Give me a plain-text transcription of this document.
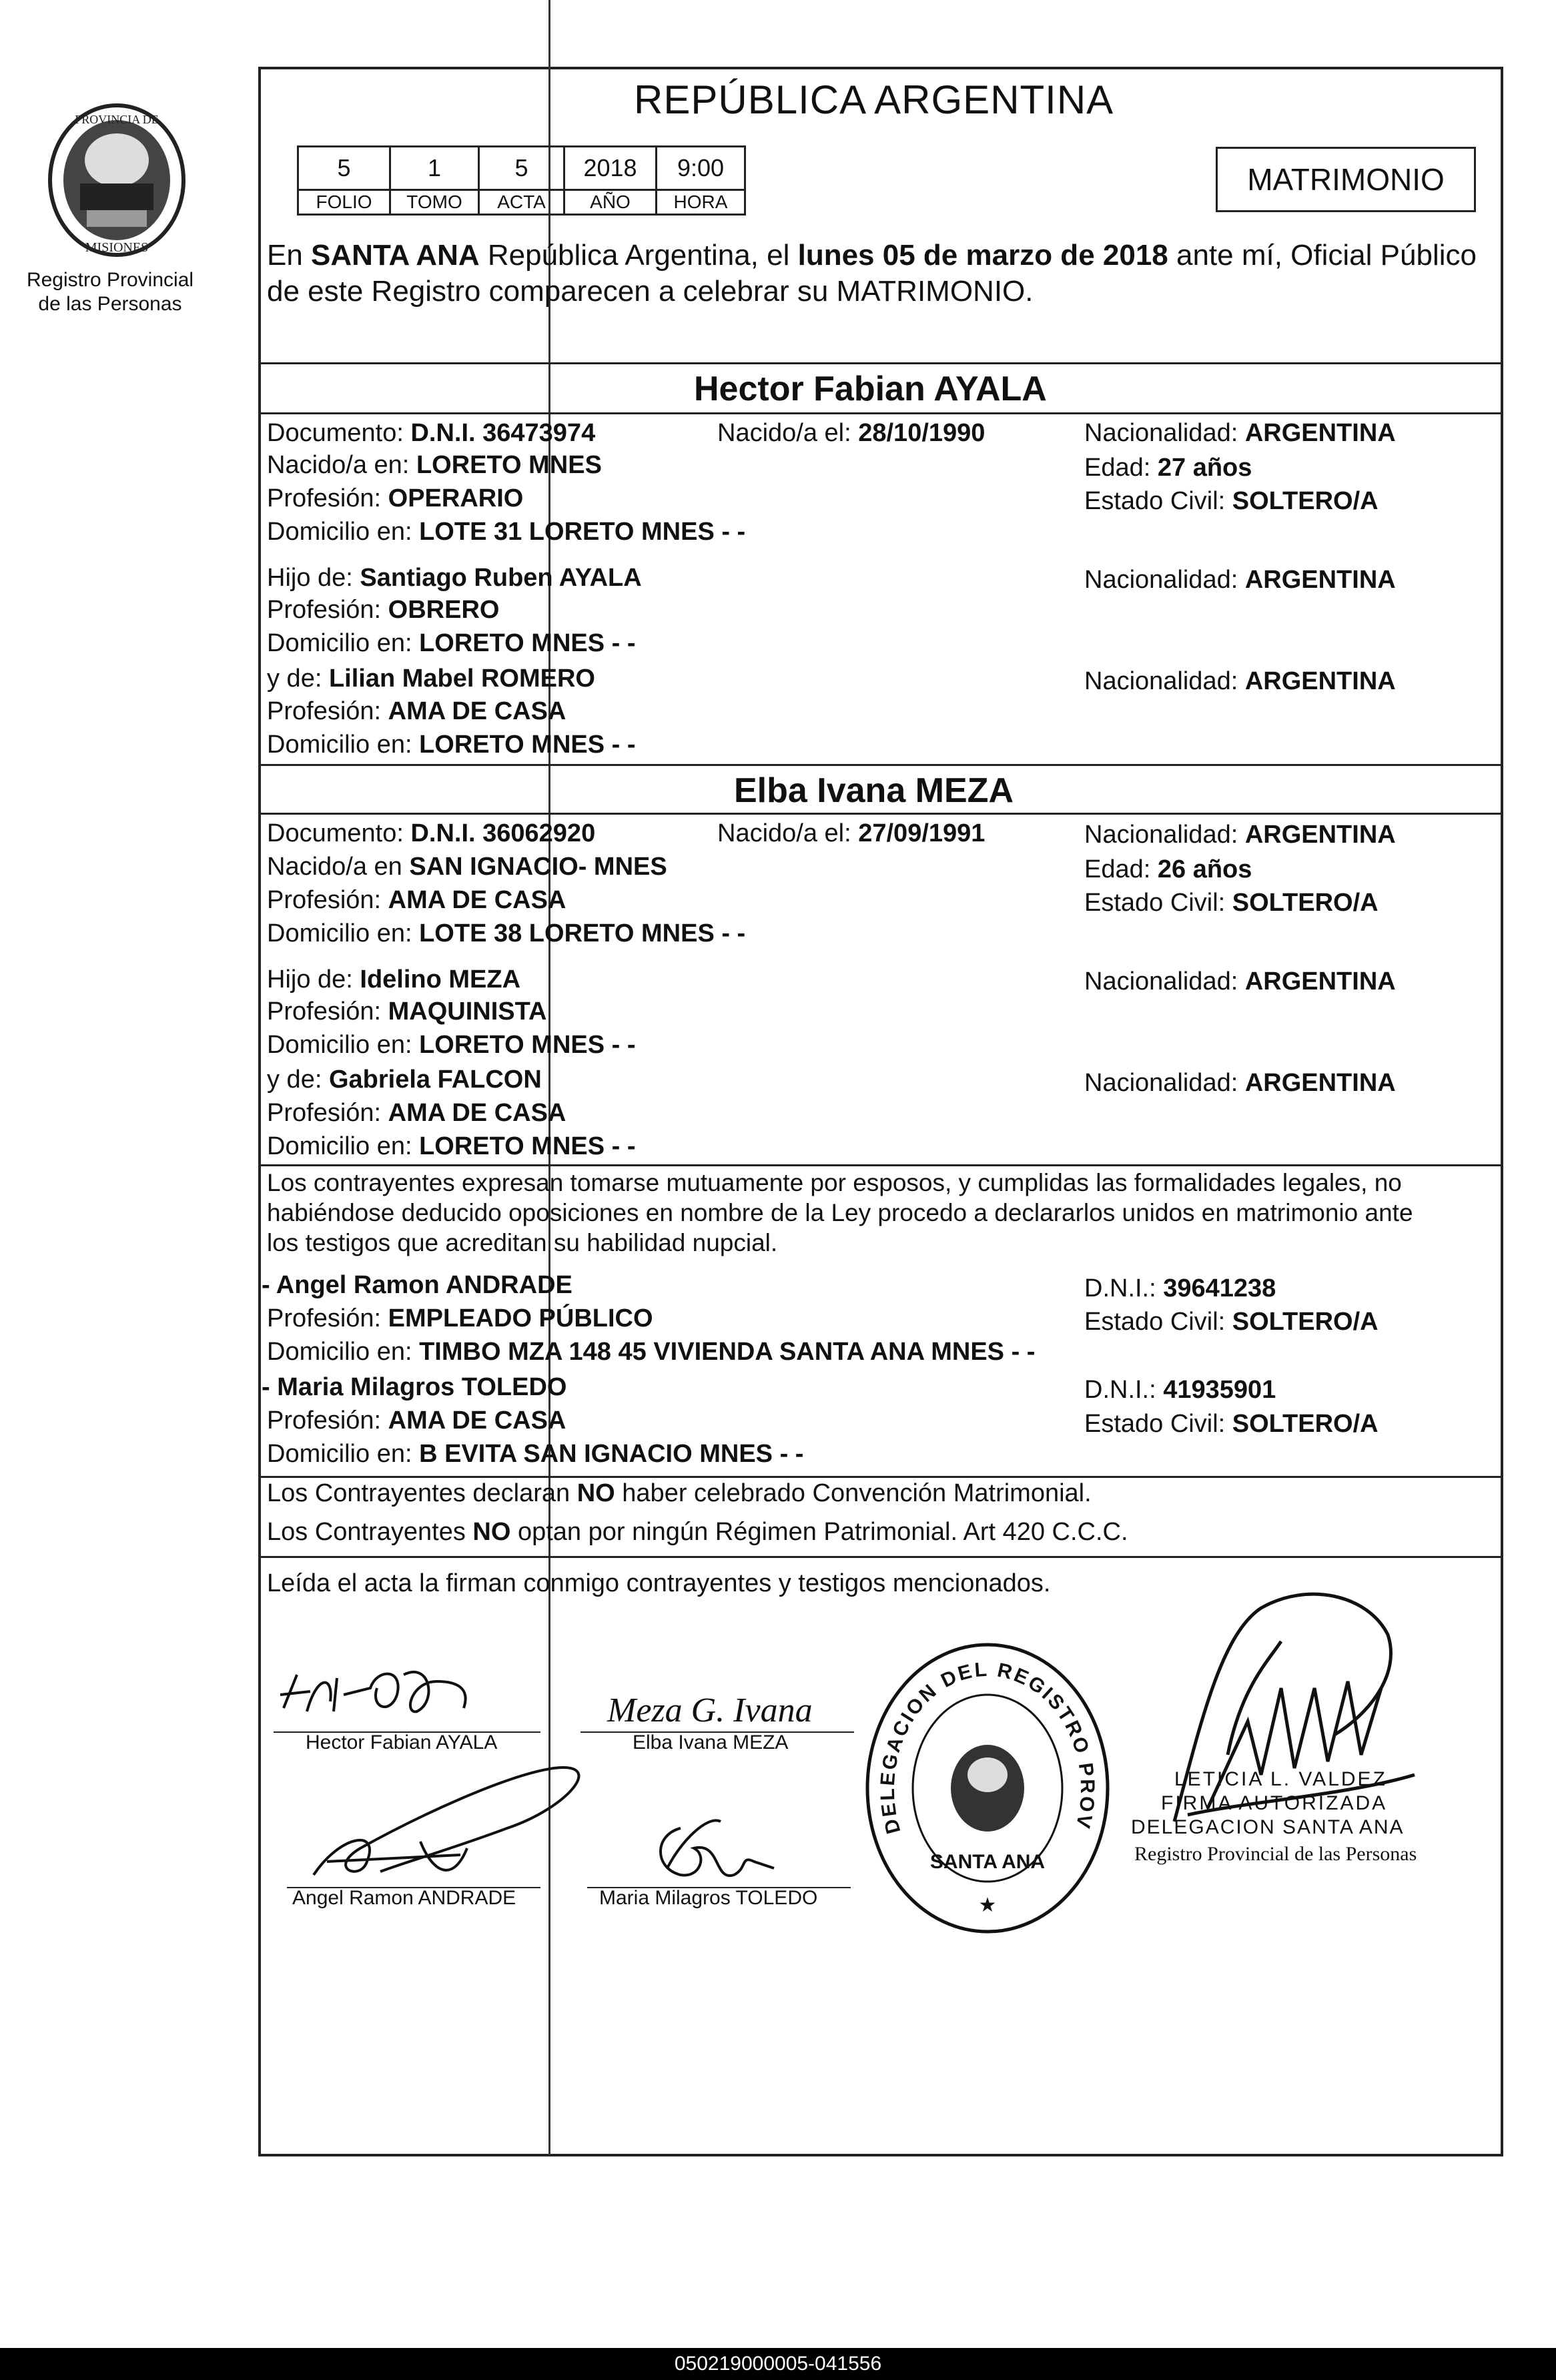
PROVINCIA DE
MISIONES
Registro Provincial
de las Personas
REPÚBLICA ARGENTINA
5	1	5	2018	9:00
FOLIO	TOMO	ACTA	AÑO	HORA
MATRIMONIO
En SANTA ANA República Argentina, el lunes 05 de marzo de 2018 ante mí, Oficial Público
de este Registro comparecen a celebrar su MATRIMONIO.
Hector Fabian AYALA
Documento: D.N.I. 36473974	Nacido/a el: 28/10/1990	Nacionalidad: ARGENTINA
Nacido/a en: LORETO MNES	Edad: 27 años
Profesión: OPERARIO	Estado Civil: SOLTERO/A
Domicilio en: LOTE 31 LORETO MNES - -
Hijo de: Santiago Ruben AYALA	Nacionalidad: ARGENTINA
Profesión: OBRERO
Domicilio en: LORETO MNES - -
y de: Lilian Mabel ROMERO	Nacionalidad: ARGENTINA
Profesión: AMA DE CASA
Domicilio en: LORETO MNES - -
Elba Ivana MEZA
Documento: D.N.I. 36062920	Nacido/a el: 27/09/1991	Nacionalidad: ARGENTINA
Nacido/a en SAN IGNACIO- MNES	Edad: 26 años
Profesión: AMA DE CASA	Estado Civil: SOLTERO/A
Domicilio en: LOTE 38 LORETO MNES - -
Hijo de: Idelino MEZA	Nacionalidad: ARGENTINA
Profesión: MAQUINISTA
Domicilio en: LORETO MNES - -
y de: Gabriela FALCON	Nacionalidad: ARGENTINA
Profesión: AMA DE CASA
Domicilio en: LORETO MNES - -
Los contrayentes expresan tomarse mutuamente por esposos, y cumplidas las formalidades legales, no
habiéndose deducido oposiciones en nombre de la Ley procedo a declararlos unidos en matrimonio ante
los testigos que acreditan su habilidad nupcial.
- Angel Ramon ANDRADE	D.N.I.: 39641238
Profesión: EMPLEADO PÚBLICO	Estado Civil: SOLTERO/A
Domicilio en: TIMBO MZA 148 45 VIVIENDA SANTA ANA MNES - -
- Maria Milagros TOLEDO	D.N.I.: 41935901
Profesión: AMA DE CASA	Estado Civil: SOLTERO/A
Domicilio en: B EVITA SAN IGNACIO MNES - -
Los Contrayentes declaran NO haber celebrado Convención Matrimonial.
Los Contrayentes NO optan por ningún Régimen Patrimonial. Art 420 C.C.C.
Leída el acta la firman conmigo contrayentes y testigos mencionados.
Hector Fabian AYALA
Meza G. Ivana
Elba Ivana MEZA
Angel Ramon ANDRADE	Maria Milagros TOLEDO
DELEGACION DEL REGISTRO PROV
SANTA ANA
★
LETICIA L. VALDEZ
FIRMA AUTORIZADA
DELEGACION SANTA ANA
Registro Provincial de las Personas
050219000005-041556
